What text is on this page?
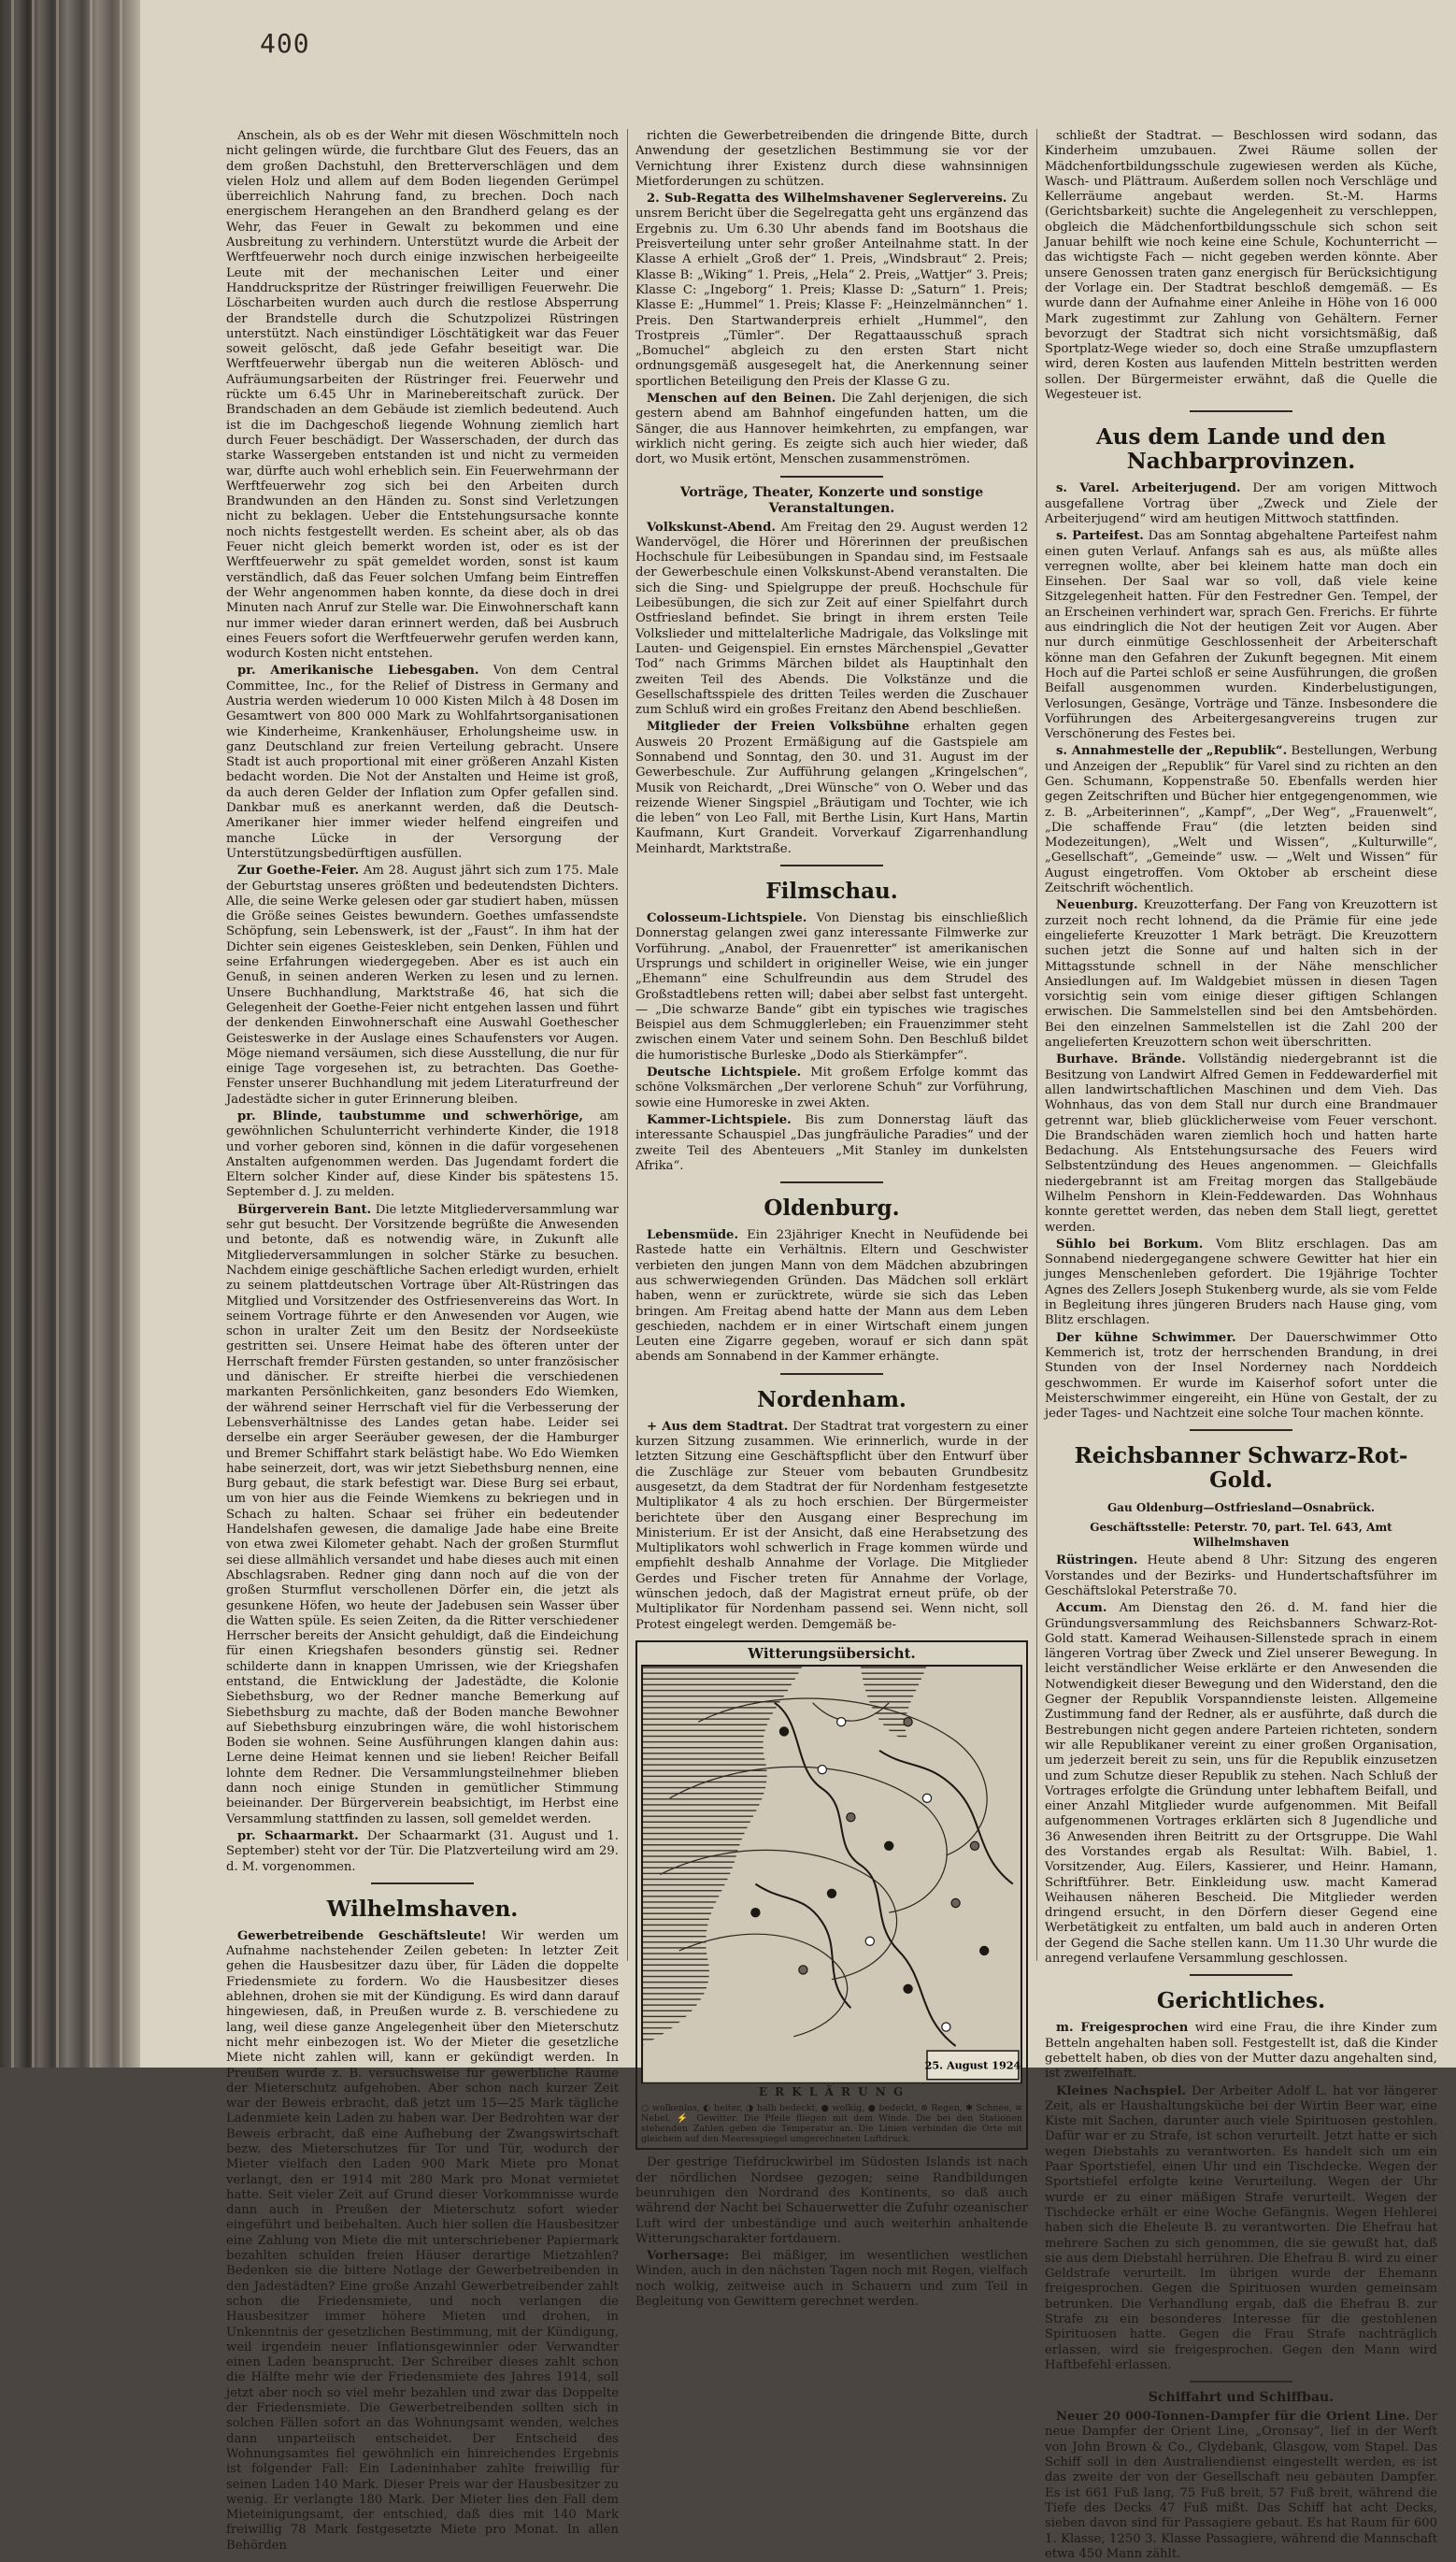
400

Anschein, als ob es der Wehr mit diesen Wöschmitteln noch nicht gelingen würde, die furchtbare Glut des Feuers, das an dem großen Dachstuhl, den Bretterverschlägen und dem vielen Holz und allem auf dem Boden liegenden Gerümpel überreichlich Nahrung fand, zu brechen. Doch nach energischem Herangehen an den Brandherd gelang es der Wehr, das Feuer in Gewalt zu bekommen und eine Ausbreitung zu verhindern. Unterstützt wurde die Arbeit der Werftfeuerwehr noch durch einige inzwischen herbeigeeilte Leute mit der mechanischen Leiter und einer Handdruckspritze der Rüstringer freiwilligen Feuerwehr. Die Löscharbeiten wurden auch durch die restlose Absperrung der Brandstelle durch die Schutzpolizei Rüstringen unterstützt. Nach einstündiger Löschtätigkeit war das Feuer soweit gelöscht, daß jede Gefahr beseitigt war. Die Werftfeuerwehr übergab nun die weiteren Ablösch- und Aufräumungsarbeiten der Rüstringer frei. Feuerwehr und rückte um 6.45 Uhr in Marinebereitschaft zurück. Der Brandschaden an dem Gebäude ist ziemlich bedeutend. Auch ist die im Dachgeschoß liegende Wohnung ziemlich hart durch Feuer beschädigt. Der Wasserschaden, der durch das starke Wassergeben entstanden ist und nicht zu vermeiden war, dürfte auch wohl erheblich sein. Ein Feuerwehrmann der Werftfeuerwehr zog sich bei den Arbeiten durch Brandwunden an den Händen zu. Sonst sind Verletzungen nicht zu beklagen. Ueber die Entstehungsursache konnte noch nichts festgestellt werden. Es scheint aber, als ob das Feuer nicht gleich bemerkt worden ist, oder es ist der Werftfeuerwehr zu spät gemeldet worden, sonst ist kaum verständlich, daß das Feuer solchen Umfang beim Eintreffen der Wehr angenommen haben konnte, da diese doch in drei Minuten nach Anruf zur Stelle war. Die Einwohnerschaft kann nur immer wieder daran erinnert werden, daß bei Ausbruch eines Feuers sofort die Werftfeuerwehr gerufen werden kann, wodurch Kosten nicht entstehen.

pr. Amerikanische Liebesgaben. Von dem Central Committee, Inc., for the Relief of Distress in Germany and Austria werden wiederum 10 000 Kisten Milch à 48 Dosen im Gesamtwert von 800 000 Mark zu Wohlfahrtsorganisationen wie Kinderheime, Krankenhäuser, Erholungsheime usw. in ganz Deutschland zur freien Verteilung gebracht. Unsere Stadt ist auch proportional mit einer größeren Anzahl Kisten bedacht worden. Die Not der Anstalten und Heime ist groß, da auch deren Gelder der Inflation zum Opfer gefallen sind. Dankbar muß es anerkannt werden, daß die Deutsch-Amerikaner hier immer wieder helfend eingreifen und manche Lücke in der Versorgung der Unterstützungsbedürftigen ausfüllen.

Zur Goethe-Feier. Am 28. August jährt sich zum 175. Male der Geburtstag unseres größten und bedeutendsten Dichters. Alle, die seine Werke gelesen oder gar studiert haben, müssen die Größe seines Geistes bewundern. Goethes umfassendste Schöpfung, sein Lebenswerk, ist der „Faust“. In ihm hat der Dichter sein eigenes Geisteskleben, sein Denken, Fühlen und seine Erfahrungen wiedergegeben. Aber es ist auch ein Genuß, in seinen anderen Werken zu lesen und zu lernen. Unsere Buchhandlung, Marktstraße 46, hat sich die Gelegenheit der Goethe-Feier nicht entgehen lassen und führt der denkenden Einwohnerschaft eine Auswahl Goethescher Geisteswerke in der Auslage eines Schaufensters vor Augen. Möge niemand versäumen, sich diese Ausstellung, die nur für einige Tage vorgesehen ist, zu betrachten. Das Goethe-Fenster unserer Buchhandlung mit jedem Literaturfreund der Jadestädte sicher in guter Erinnerung bleiben.

pr. Blinde, taubstumme und schwerhörige, am gewöhnlichen Schulunterricht verhinderte Kinder, die 1918 und vorher geboren sind, können in die dafür vorgesehenen Anstalten aufgenommen werden. Das Jugendamt fordert die Eltern solcher Kinder auf, diese Kinder bis spätestens 15. September d. J. zu melden.

Bürgerverein Bant. Die letzte Mitgliederversammlung war sehr gut besucht. Der Vorsitzende begrüßte die Anwesenden und betonte, daß es notwendig wäre, in Zukunft alle Mitgliederversammlungen in solcher Stärke zu besuchen. Nachdem einige geschäftliche Sachen erledigt wurden, erhielt zu seinem plattdeutschen Vortrage über Alt-Rüstringen das Mitglied und Vorsitzender des Ostfriesenvereins das Wort. In seinem Vortrage führte er den Anwesenden vor Augen, wie schon in uralter Zeit um den Besitz der Nordseeküste gestritten sei. Unsere Heimat habe des öfteren unter der Herrschaft fremder Fürsten gestanden, so unter französischer und dänischer. Er streifte hierbei die verschiedenen markanten Persönlichkeiten, ganz besonders Edo Wiemken, der während seiner Herrschaft viel für die Verbesserung der Lebensverhältnisse des Landes getan habe. Leider sei derselbe ein arger Seeräuber gewesen, der die Hamburger und Bremer Schiffahrt stark belästigt habe. Wo Edo Wiemken habe seinerzeit, dort, was wir jetzt Siebethsburg nennen, eine Burg gebaut, die stark befestigt war. Diese Burg sei erbaut, um von hier aus die Feinde Wiemkens zu bekriegen und in Schach zu halten. Schaar sei früher ein bedeutender Handelshafen gewesen, die damalige Jade habe eine Breite von etwa zwei Kilometer gehabt. Nach der großen Sturmflut sei diese allmählich versandet und habe dieses auch mit einen Abschlagsraben. Redner ging dann noch auf die von der großen Sturmflut verschollenen Dörfer ein, die jetzt als gesunkene Höfen, wo heute der Jadebusen sein Wasser über die Watten spüle. Es seien Zeiten, da die Ritter verschiedener Herrscher bereits der Ansicht gehuldigt, daß die Eindeichung für einen Kriegshafen besonders günstig sei. Redner schilderte dann in knappen Umrissen, wie der Kriegshafen entstand, die Entwicklung der Jadestädte, die Kolonie Siebethsburg, wo der Redner manche Bemerkung auf Siebethsburg zu machte, daß der Boden manche Bewohner auf Siebethsburg einzubringen wäre, die wohl historischem Boden sie wohnen. Seine Ausführungen klangen dahin aus: Lerne deine Heimat kennen und sie lieben! Reicher Beifall lohnte dem Redner. Die Versammlungsteilnehmer blieben dann noch einige Stunden in gemütlicher Stimmung beieinander. Der Bürgerverein beabsichtigt, im Herbst eine Versammlung stattfinden zu lassen, soll gemeldet werden.

pr. Schaarmarkt. Der Schaarmarkt (31. August und 1. September) steht vor der Tür. Die Platzverteilung wird am 29. d. M. vorgenommen.

Wilhelmshaven.

Gewerbetreibende Geschäftsleute! Wir werden um Aufnahme nachstehender Zeilen gebeten: In letzter Zeit gehen die Hausbesitzer dazu über, für Läden die doppelte Friedensmiete zu fordern. Wo die Hausbesitzer dieses ablehnen, drohen sie mit der Kündigung. Es wird dann darauf hingewiesen, daß, in Preußen wurde z. B. verschiedene zu lang, weil diese ganze Angelegenheit über den Mieterschutz nicht mehr einbezogen ist. Wo der Mieter die gesetzliche Miete nicht zahlen will, kann er gekündigt werden. In Preußen wurde z. B. versuchsweise für gewerbliche Räume der Mieterschutz aufgehoben. Aber schon nach kurzer Zeit war der Beweis erbracht, daß jetzt um 15—25 Mark tägliche Ladenmiete kein Laden zu haben war. Der Bedrohten war der Beweis erbracht, daß eine Aufhebung der Zwangswirtschaft bezw. des Mieterschutzes für Tor und Tür, wodurch der Mieter vielfach den Laden 900 Mark Miete pro Monat verlangt, den er 1914 mit 280 Mark pro Monat vermietet hatte. Seit vieler Zeit auf Grund dieser Vorkommnisse wurde dann auch in Preußen der Mieterschutz sofort wieder eingeführt und beibehalten. Auch hier sollen die Hausbesitzer eine Zahlung von Miete die mit unterschriebener Papiermark bezahlten schulden freien Häuser derartige Mietzahlen? Bedenken sie die bittere Notlage der Gewerbetreibenden in den Jadestädten? Eine große Anzahl Gewerbetreibender zahlt schon die Friedensmiete, und noch verlangen die Hausbesitzer immer höhere Mieten und drohen, in Unkenntnis der gesetzlichen Bestimmung, mit der Kündigung, weil irgendein neuer Inflationsgewinnler oder Verwandter einen Laden beansprucht. Der Schreiber dieses zahlt schon die Hälfte mehr wie der Friedensmiete des Jahres 1914, soll jetzt aber noch so viel mehr bezahlen und zwar das Doppelte der Friedensmiete. Die Gewerbetreibenden sollten sich in solchen Fällen sofort an das Wohnungsamt wenden, welches dann unparteiisch entscheidet. Der Entscheid des Wohnungsamtes fiel gewöhnlich ein hinreichendes Ergebnis ist folgender Fall: Ein Ladeninhaber zahlte freiwillig für seinen Laden 140 Mark. Dieser Preis war der Hausbesitzer zu wenig. Er verlangte 180 Mark. Der Mieter lies den Fall dem Mieteinigungsamt, der entschied, daß dies mit 140 Mark freiwillig 78 Mark festgesetzte Miete pro Monat. In allen Behörden

richten die Gewerbetreibenden die dringende Bitte, durch Anwendung der gesetzlichen Bestimmung sie vor der Vernichtung ihrer Existenz durch diese wahnsinnigen Mietforderungen zu schützen.

2. Sub-Regatta des Wilhelmshavener Seglervereins. Zu unsrem Bericht über die Segelregatta geht uns ergänzend das Ergebnis zu. Um 6.30 Uhr abends fand im Bootshaus die Preisverteilung unter sehr großer Anteilnahme statt. In der Klasse A erhielt „Groß der“ 1. Preis, „Windsbraut“ 2. Preis; Klasse B: „Wiking“ 1. Preis, „Hela“ 2. Preis, „Wattjer“ 3. Preis; Klasse C: „Ingeborg“ 1. Preis; Klasse D: „Saturn“ 1. Preis; Klasse E: „Hummel“ 1. Preis; Klasse F: „Heinzelmännchen“ 1. Preis. Den Startwanderpreis erhielt „Hummel“, den Trostpreis „Tümler“. Der Regattaausschuß sprach „Bomuchel“ abgleich zu den ersten Start nicht ordnungsgemäß ausgesegelt hat, die Anerkennung seiner sportlichen Beteiligung den Preis der Klasse G zu.

Menschen auf den Beinen. Die Zahl derjenigen, die sich gestern abend am Bahnhof eingefunden hatten, um die Sänger, die aus Hannover heimkehrten, zu empfangen, war wirklich nicht gering. Es zeigte sich auch hier wieder, daß dort, wo Musik ertönt, Menschen zusammenströmen.

Vorträge, Theater, Konzerte und sonstige Veranstaltungen.

Volkskunst-Abend. Am Freitag den 29. August werden 12 Wandervögel, die Hörer und Hörerinnen der preußischen Hochschule für Leibesübungen in Spandau sind, im Festsaale der Gewerbeschule einen Volkskunst-Abend veranstalten. Die sich die Sing- und Spielgruppe der preuß. Hochschule für Leibesübungen, die sich zur Zeit auf einer Spielfahrt durch Ostfriesland befindet. Sie bringt in ihrem ersten Teile Volkslieder und mittelalterliche Madrigale, das Volkslinge mit Lauten- und Geigenspiel. Ein ernstes Märchenspiel „Gevatter Tod“ nach Grimms Märchen bildet als Hauptinhalt den zweiten Teil des Abends. Die Volkstänze und die Gesellschaftsspiele des dritten Teiles werden die Zuschauer zum Schluß wird ein großes Freitanz den Abend beschließen.

Mitglieder der Freien Volksbühne erhalten gegen Ausweis 20 Prozent Ermäßigung auf die Gastspiele am Sonnabend und Sonntag, den 30. und 31. August im der Gewerbeschule. Zur Aufführung gelangen „Kringelschen“, Musik von Reichardt, „Drei Wünsche“ von O. Weber und das reizende Wiener Singspiel „Bräutigam und Tochter, wie ich die leben“ von Leo Fall, mit Berthe Lisin, Kurt Hans, Martin Kaufmann, Kurt Grandeit. Vorverkauf Zigarrenhandlung Meinhardt, Marktstraße.

Filmschau.

Colosseum-Lichtspiele. Von Dienstag bis einschließlich Donnerstag gelangen zwei ganz interessante Filmwerke zur Vorführung. „Anabol, der Frauenretter“ ist amerikanischen Ursprungs und schildert in origineller Weise, wie ein junger „Ehemann“ eine Schulfreundin aus dem Strudel des Großstadtlebens retten will; dabei aber selbst fast untergeht. — „Die schwarze Bande“ gibt ein typisches wie tragisches Beispiel aus dem Schmugglerleben; ein Frauenzimmer steht zwischen einem Vater und seinem Sohn. Den Beschluß bildet die humoristische Burleske „Dodo als Stierkämpfer“.

Deutsche Lichtspiele. Mit großem Erfolge kommt das schöne Volksmärchen „Der verlorene Schuh“ zur Vorführung, sowie eine Humoreske in zwei Akten.

Kammer-Lichtspiele. Bis zum Donnerstag läuft das interessante Schauspiel „Das jungfräuliche Paradies“ und der zweite Teil des Abenteuers „Mit Stanley im dunkelsten Afrika“.

Oldenburg.

Lebensmüde. Ein 23jähriger Knecht in Neufüdende bei Rastede hatte ein Verhältnis. Eltern und Geschwister verbieten den jungen Mann von dem Mädchen abzubringen aus schwerwiegenden Gründen. Das Mädchen soll erklärt haben, wenn er zurücktrete, würde sie sich das Leben bringen. Am Freitag abend hatte der Mann aus dem Leben geschieden, nachdem er in einer Wirtschaft einem jungen Leuten eine Zigarre gegeben, worauf er sich dann spät abends am Sonnabend in der Kammer erhängte.

Nordenham.

+ Aus dem Stadtrat. Der Stadtrat trat vorgestern zu einer kurzen Sitzung zusammen. Wie erinnerlich, wurde in der letzten Sitzung eine Geschäftspflicht über den Entwurf über die Zuschläge zur Steuer vom bebauten Grundbesitz ausgesetzt, da dem Stadtrat der für Nordenham festgesetzte Multiplikator 4 als zu hoch erschien. Der Bürgermeister berichtete über den Ausgang einer Besprechung im Ministerium. Er ist der Ansicht, daß eine Herabsetzung des Multiplikators wohl schwerlich in Frage kommen würde und empfiehlt deshalb Annahme der Vorlage. Die Mitglieder Gerdes und Fischer treten für Annahme der Vorlage, wünschen jedoch, daß der Magistrat erneut prüfe, ob der Multiplikator für Nordenham passend sei. Wenn nicht, soll Protest eingelegt werden. Demgemäß be-

Witterungsübersicht.
25. August 1924
E R K L Ä R U N G
○ wolkenlos, ◐ heiter, ◑ halb bedeckt, ● wolkig, ● bedeckt, ⊗ Regen, ✱ Schnee, ≡ Nebel, ⚡ Gewitter. Die Pfeile fliegen mit dem Winde. Die bei den Stationen stehenden Zahlen geben die Temperatur an. Die Linien verbinden die Orte mit gleichem auf den Meeresspiegel umgerechneten Luftdruck.

Der gestrige Tiefdruckwirbel im Südosten Islands ist nach der nördlichen Nordsee gezogen; seine Randbildungen beunruhigen den Nordrand des Kontinents, so daß auch während der Nacht bei Schauerwetter die Zufuhr ozeanischer Luft wird der unbeständige und auch weiterhin anhaltende Witterungscharakter fortdauern.

Vorhersage: Bei mäßiger, im wesentlichen westlichen Winden, auch in den nächsten Tagen noch mit Regen, vielfach noch wolkig, zeitweise auch in Schauern und zum Teil in Begleitung von Gewittern gerechnet werden.

schließt der Stadtrat. — Beschlossen wird sodann, das Kinderheim umzubauen. Zwei Räume sollen der Mädchenfortbildungsschule zugewiesen werden als Küche, Wasch- und Plättraum. Außerdem sollen noch Verschläge und Kellerräume angebaut werden. St.-M. Harms (Gerichtsbarkeit) suchte die Angelegenheit zu verschleppen, obgleich die Mädchenfortbildungsschule sich schon seit Januar behilft wie noch keine eine Schule, Kochunterricht — das wichtigste Fach — nicht gegeben werden könnte. Aber unsere Genossen traten ganz energisch für Berücksichtigung der Vorlage ein. Der Stadtrat beschloß demgemäß. — Es wurde dann der Aufnahme einer Anleihe in Höhe von 16 000 Mark zugestimmt zur Zahlung von Gehältern. Ferner bevorzugt der Stadtrat sich nicht vorsichtsmäßig, daß Sportplatz-Wege wieder so, doch eine Straße umzupflastern wird, deren Kosten aus laufenden Mitteln bestritten werden sollen. Der Bürgermeister erwähnt, daß die Quelle die Wegesteuer ist.

Aus dem Lande und den Nachbarprovinzen.

s. Varel. Arbeiterjugend. Der am vorigen Mittwoch ausgefallene Vortrag über „Zweck und Ziele der Arbeiterjugend“ wird am heutigen Mittwoch stattfinden.

s. Parteifest. Das am Sonntag abgehaltene Parteifest nahm einen guten Verlauf. Anfangs sah es aus, als müßte alles verregnen wollte, aber bei kleinem hatte man doch ein Einsehen. Der Saal war so voll, daß viele keine Sitzgelegenheit hatten. Für den Festredner Gen. Tempel, der an Erscheinen verhindert war, sprach Gen. Frerichs. Er führte aus eindringlich die Not der heutigen Zeit vor Augen. Aber nur durch einmütige Geschlossenheit der Arbeiterschaft könne man den Gefahren der Zukunft begegnen. Mit einem Hoch auf die Partei schloß er seine Ausführungen, die großen Beifall ausgenommen wurden. Kinderbelustigungen, Verlosungen, Gesänge, Vorträge und Tänze. Insbesondere die Vorführungen des Arbeitergesangvereins trugen zur Verschönerung des Festes bei.

s. Annahmestelle der „Republik“. Bestellungen, Werbung und Anzeigen der „Republik“ für Varel sind zu richten an den Gen. Schumann, Koppenstraße 50. Ebenfalls werden hier gegen Zeitschriften und Bücher hier entgegengenommen, wie z. B. „Arbeiterinnen“, „Kampf“, „Der Weg“, „Frauenwelt“, „Die schaffende Frau“ (die letzten beiden sind Modezeitungen), „Welt und Wissen“, „Kulturwille“, „Gesellschaft“, „Gemeinde“ usw. — „Welt und Wissen“ für August eingetroffen. Vom Oktober ab erscheint diese Zeitschrift wöchentlich.

Neuenburg. Kreuzotterfang. Der Fang von Kreuzottern ist zurzeit noch recht lohnend, da die Prämie für eine jede eingelieferte Kreuzotter 1 Mark beträgt. Die Kreuzottern suchen jetzt die Sonne auf und halten sich in der Mittagsstunde schnell in der Nähe menschlicher Ansiedlungen auf. Im Waldgebiet müssen in diesen Tagen vorsichtig sein vom einige dieser giftigen Schlangen erwischen. Die Sammelstellen sind bei den Amtsbehörden. Bei den einzelnen Sammelstellen ist die Zahl 200 der angelieferten Kreuzottern schon weit überschritten.

Burhave. Brände. Vollständig niedergebrannt ist die Besitzung von Landwirt Alfred Gemen in Feddewarderfiel mit allen landwirtschaftlichen Maschinen und dem Vieh. Das Wohnhaus, das von dem Stall nur durch eine Brandmauer getrennt war, blieb glücklicherweise vom Feuer verschont. Die Brandschäden waren ziemlich hoch und hatten harte Bedachung. Als Entstehungsursache des Feuers wird Selbstentzündung des Heues angenommen. — Gleichfalls niedergebrannt ist am Freitag morgen das Stallgebäude Wilhelm Penshorn in Klein-Feddewarden. Das Wohnhaus konnte gerettet werden, das neben dem Stall liegt, gerettet werden.

Sühlo bei Borkum. Vom Blitz erschlagen. Das am Sonnabend niedergegangene schwere Gewitter hat hier ein junges Menschenleben gefordert. Die 19jährige Tochter Agnes des Zellers Joseph Stukenberg wurde, als sie vom Felde in Begleitung ihres jüngeren Bruders nach Hause ging, vom Blitz erschlagen.

Der kühne Schwimmer. Der Dauerschwimmer Otto Kemmerich ist, trotz der herrschenden Brandung, in drei Stunden von der Insel Norderney nach Norddeich geschwommen. Er wurde im Kaiserhof sofort unter die Meisterschwimmer eingereiht, ein Hüne von Gestalt, der zu jeder Tages- und Nachtzeit eine solche Tour machen könnte.

Reichsbanner Schwarz-Rot-Gold.
Gau Oldenburg—Ostfriesland—Osnabrück.
Geschäftsstelle: Peterstr. 70, part. Tel. 643, Amt Wilhelmshaven

Rüstringen. Heute abend 8 Uhr: Sitzung des engeren Vorstandes und der Bezirks- und Hundertschaftsführer im Geschäftslokal Peterstraße 70.

Accum. Am Dienstag den 26. d. M. fand hier die Gründungsversammlung des Reichsbanners Schwarz-Rot-Gold statt. Kamerad Weihausen-Sillenstede sprach in einem längeren Vortrag über Zweck und Ziel unserer Bewegung. In leicht verständlicher Weise erklärte er den Anwesenden die Notwendigkeit dieser Bewegung und den Widerstand, den die Gegner der Republik Vorspanndienste leisten. Allgemeine Zustimmung fand der Redner, als er ausführte, daß durch die Bestrebungen nicht gegen andere Parteien richteten, sondern wir alle Republikaner vereint zu einer großen Organisation, um jederzeit bereit zu sein, uns für die Republik einzusetzen und zum Schutze dieser Republik zu stehen. Nach Schluß der Vortrages erfolgte die Gründung unter lebhaftem Beifall, und einer Anzahl Mitglieder wurde aufgenommen. Mit Beifall aufgenommenen Vortrages erklärten sich 8 Jugendliche und 36 Anwesenden ihren Beitritt zu der Ortsgruppe. Die Wahl des Vorstandes ergab als Resultat: Wilh. Babiel, 1. Vorsitzender, Aug. Eilers, Kassierer, und Heinr. Hamann, Schriftführer. Betr. Einkleidung usw. macht Kamerad Weihausen näheren Bescheid. Die Mitglieder werden dringend ersucht, in den Dörfern dieser Gegend eine Werbetätigkeit zu entfalten, um bald auch in anderen Orten der Gegend die Sache stellen kann. Um 11.30 Uhr wurde die anregend verlaufene Versammlung geschlossen.

Gerichtliches.

m. Freigesprochen wird eine Frau, die ihre Kinder zum Betteln angehalten haben soll. Festgestellt ist, daß die Kinder gebettelt haben, ob dies von der Mutter dazu angehalten sind, ist zweifelhaft.

Kleines Nachspiel. Der Arbeiter Adolf L. hat vor längerer Zeit, als er Haushaltungsküche bei der Wirtin Beer war, eine Kiste mit Sachen, darunter auch viele Spirituosen gestohlen. Dafür war er zu Strafe, ist schon verurteilt. Jetzt hatte er sich wegen Diebstahls zu verantworten. Es handelt sich um ein Paar Sportstiefel, einen Uhr und ein Tischdecke. Wegen der Sportstiefel erfolgte keine Verurteilung. Wegen der Uhr wurde er zu einer mäßigen Strafe verurteilt. Wegen der Tischdecke erhält er eine Woche Gefängnis. Wegen Hehlerei haben sich die Eheleute B. zu verantworten. Die Ehefrau hat mehrere Sachen zu sich genommen, die sie gewußt hat, daß sie aus dem Diebstahl herrühren. Die Ehefrau B. wird zu einer Geldstrafe verurteilt. Im übrigen wurde der Ehemann freigesprochen. Gegen die Spirituosen wurden gemeinsam betrunken. Die Verhandlung ergab, daß die Ehefrau B. zur Strafe zu ein besonderes Interesse für die gestohlenen Spirituosen hatte. Gegen die Frau Strafe nachträglich erlassen, wird sie freigesprochen. Gegen den Mann wird Haftbefehl erlassen.

Schiffahrt und Schiffbau.

Neuer 20 000-Tonnen-Dampfer für die Orient Line. Der neue Dampfer der Orient Line, „Oronsay“, lief in der Werft von John Brown & Co., Clydebank, Glasgow, vom Stapel. Das Schiff soll in den Australiendienst eingestellt werden, es ist das zweite der von der Gesellschaft neu gebauten Dampfer. Es ist 661 Fuß lang, 75 Fuß breit, 57 Fuß breit, während die Tiefe des Decks 47 Fuß mißt. Das Schiff hat acht Decks, sieben davon sind für Passagiere gebaut. Es hat Raum für 600 1. Klasse, 1250 3. Klasse Passagiere, während die Mannschaft etwa 450 Mann zählt.
